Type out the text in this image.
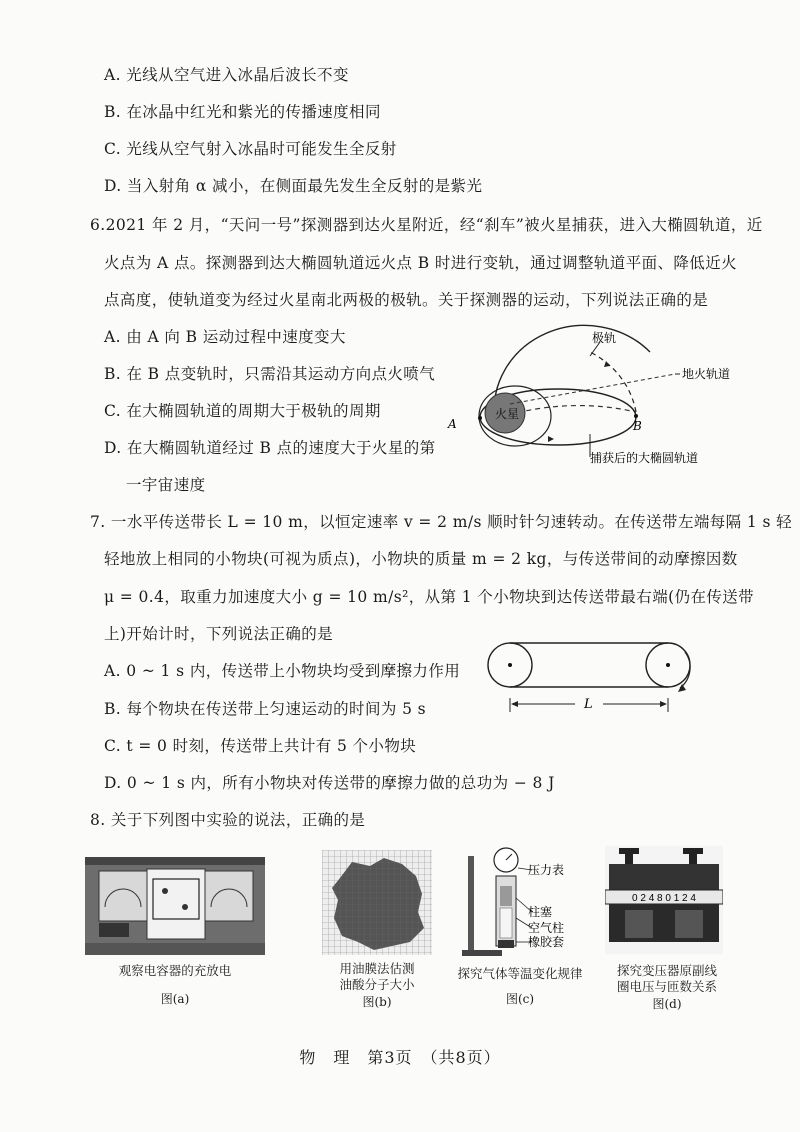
A. 光线从空气进入冰晶后波长不变
B. 在冰晶中红光和紫光的传播速度相同
C. 光线从空气射入冰晶时可能发生全反射
D. 当入射角 α 减小，在侧面最先发生全反射的是紫光
6.2021 年 2 月，“天问一号”探测器到达火星附近，经“刹车”被火星捕获，进入大椭圆轨道，近
火点为 A 点。探测器到达大椭圆轨道远火点 B 时进行变轨，通过调整轨道平面、降低近火
点高度，使轨道变为经过火星南北两极的极轨。关于探测器的运动，下列说法正确的是
A. 由 A 向 B 运动过程中速度变大
B. 在 B 点变轨时，只需沿其运动方向点火喷气
C. 在大椭圆轨道的周期大于极轨的周期
D. 在大椭圆轨道经过 B 点的速度大于火星的第
一宇宙速度
火星
A	B
极轨
地火轨道
捕获后的大椭圆轨道
7. 一水平传送带长 L = 10 m，以恒定速率 v = 2 m/s 顺时针匀速转动。在传送带左端每隔 1 s 轻
轻地放上相同的小物块(可视为质点)，小物块的质量 m = 2 kg，与传送带间的动摩擦因数
μ = 0.4，取重力加速度大小 g = 10 m/s²，从第 1 个小物块到达传送带最右端(仍在传送带
上)开始计时，下列说法正确的是
A. 0 ~ 1 s 内，传送带上小物块均受到摩擦力作用
B. 每个物块在传送带上匀速运动的时间为 5 s
C. t = 0 时刻，传送带上共计有 5 个小物块
D. 0 ~ 1 s 内，所有小物块对传送带的摩擦力做的总功为 − 8 J
L
8. 关于下列图中实验的说法，正确的是
观察电容器的充放电
图(a)
用油膜法估测
油酸分子大小
图(b)
压力表
柱塞
空气柱
橡胶套
探究气体等温变化规律
图(c)
0 2 4 8 0 1 2 4
探究变压器原副线
圈电压与匝数关系
图(d)
物　理　第3页　（共8页）
